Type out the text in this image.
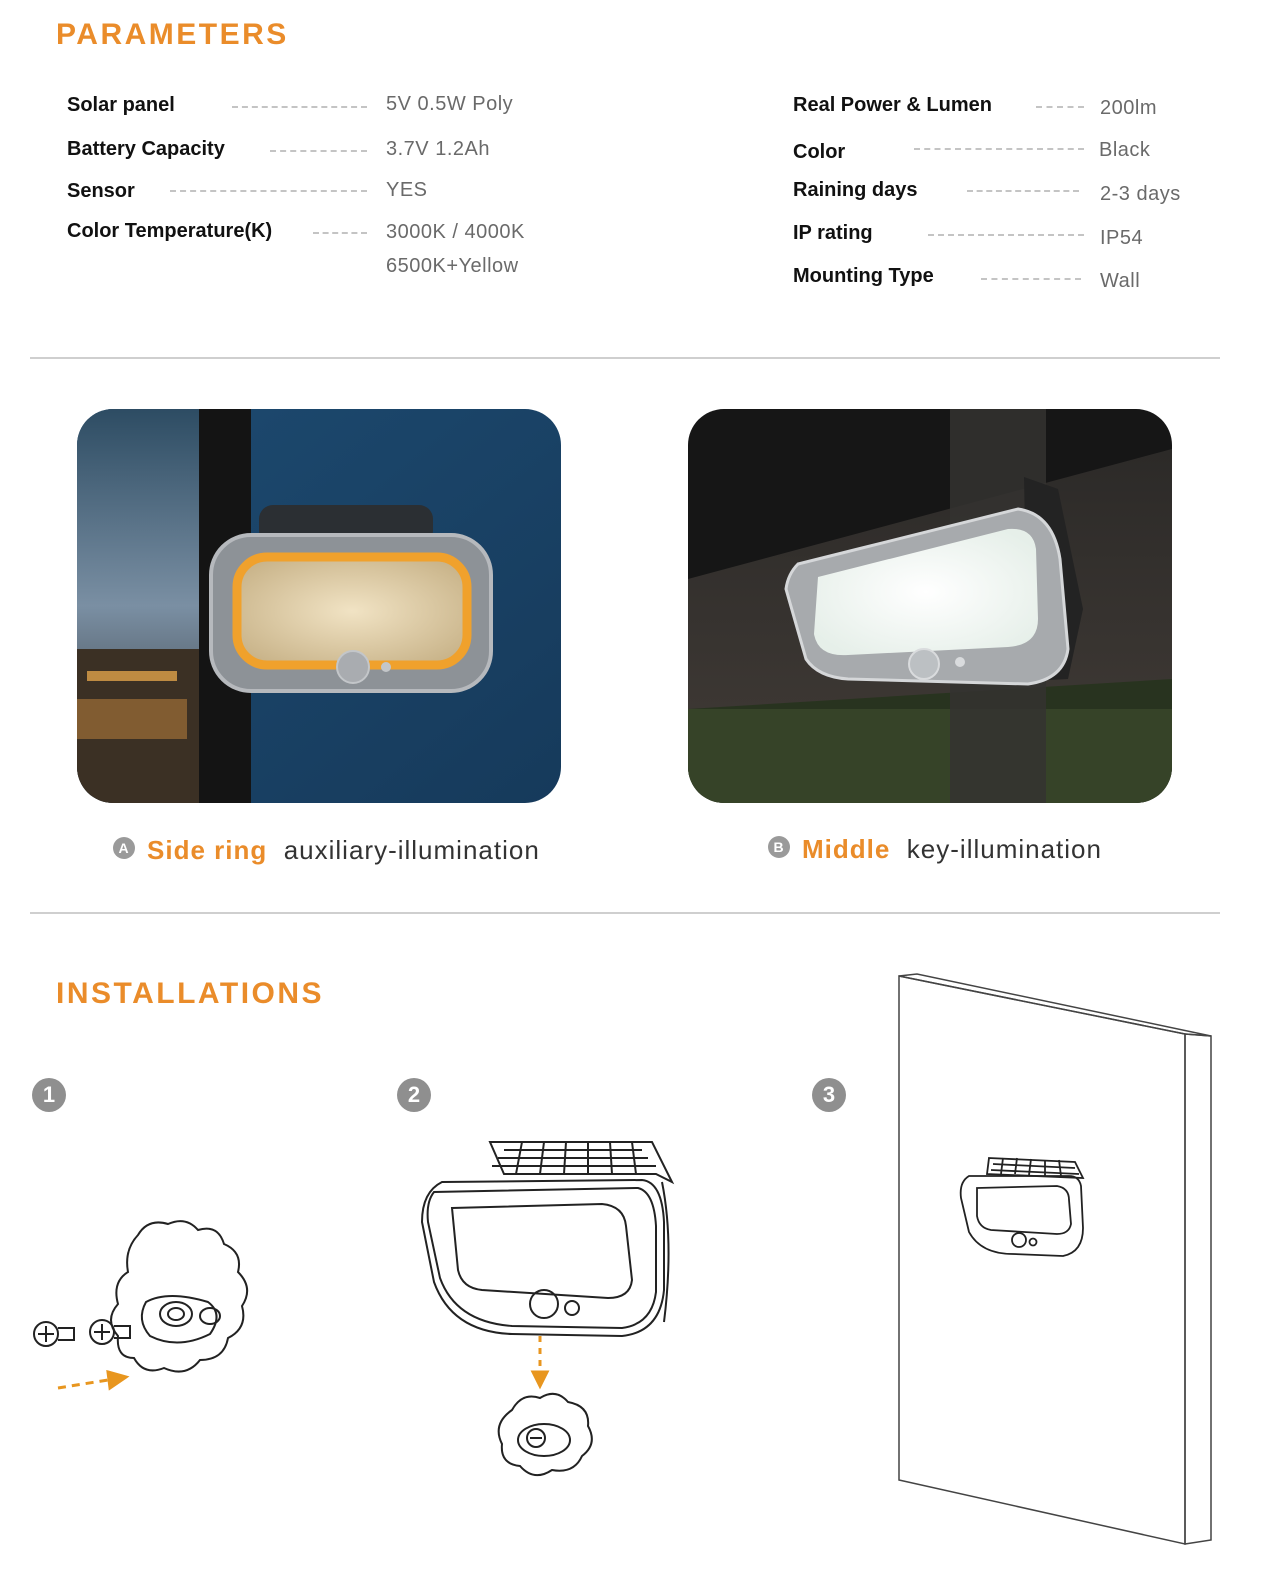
PARAMETERS
Solar panel	5V 0.5W Poly
Battery Capacity	3.7V 1.2Ah
Sensor	YES
Color Temperature(K)	3000K / 4000K
6500K+Yellow
Real Power & Lumen	200lm
Color	Black
Raining days	2-3 days
IP rating	IP54
Mounting Type	Wall
A Side ring auxiliary-illumination	B Middle key-illumination
INSTALLATIONS
1	2	3
